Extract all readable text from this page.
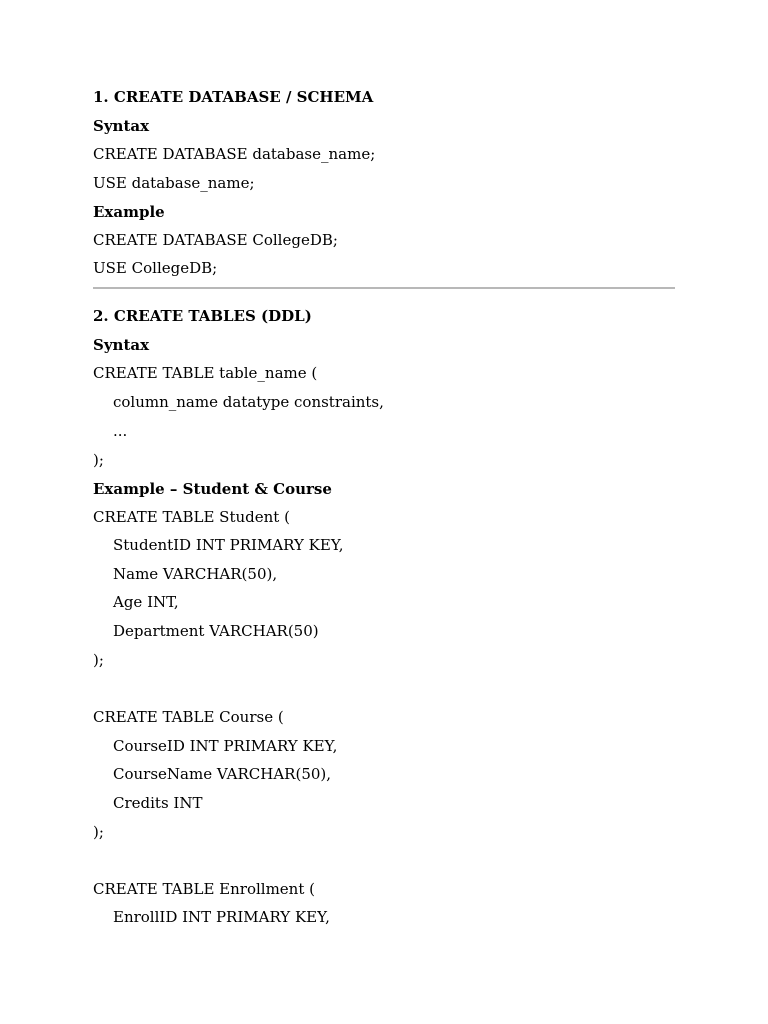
1. CREATE DATABASE / SCHEMA
Syntax
CREATE DATABASE database_name;
USE database_name;
Example
CREATE DATABASE CollegeDB;
USE CollegeDB;
2. CREATE TABLES (DDL)
Syntax
CREATE TABLE table_name (
column_name datatype constraints,
...
);
Example – Student & Course
CREATE TABLE Student (
StudentID INT PRIMARY KEY,
Name VARCHAR(50),
Age INT,
Department VARCHAR(50)
);
CREATE TABLE Course (
CourseID INT PRIMARY KEY,
CourseName VARCHAR(50),
Credits INT
);
CREATE TABLE Enrollment (
EnrollID INT PRIMARY KEY,
